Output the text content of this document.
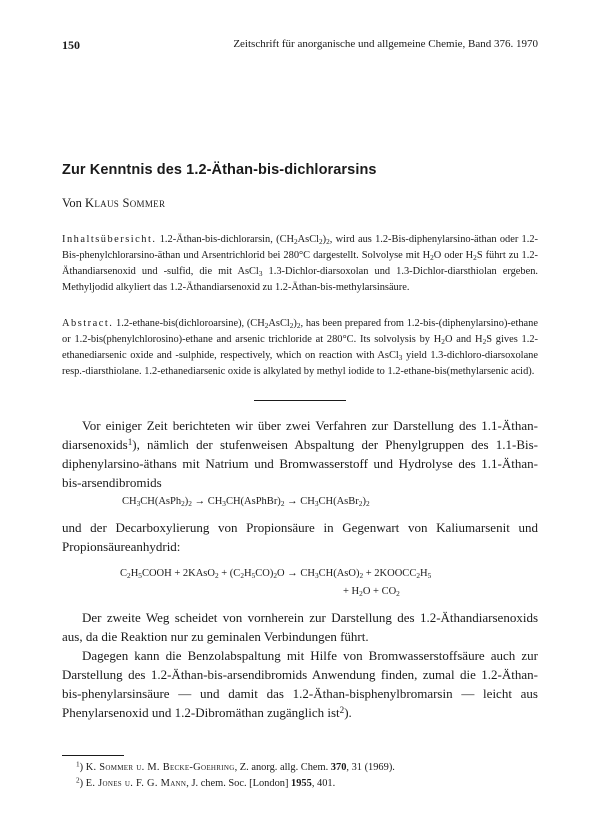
150	Zeitschrift für anorganische und allgemeine Chemie, Band 376. 1970
Zur Kenntnis des 1.2-Äthan-bis-dichlorarsins
Von Klaus Sommer
Inhaltsübersicht. 1.2-Äthan-bis-dichlorarsin, $(CH_2AsCl_2)_2$, wird aus 1.2-Bis-diphenylarsino-äthan oder 1.2-Bis-phenylchlorarsino-äthan und Arsentrichlorid bei 280°C dargestellt. Solvolyse mit $H_2O$ oder $H_2S$ führt zu 1.2-Äthandiarsenoxid und -sulfid, die mit AsCl$_3$ 1.3-Dichlor-diarsoxolan und 1.3-Dichlor-diarsthiolan ergeben. Methyljodid alkyliert das 1.2-Äthandiarsenoxid zu 1.2-Äthan-bis-methylarsinsäure.
Abstract. 1.2-ethane-bis(dichloroarsine), $(CH_2AsCl_2)_2$, has been prepared from 1.2-bis-(diphenylarsino)-ethane or 1.2-bis(phenylchlorosino)-ethane and arsenic trichloride at 280°C. Its solvolysis by $H_2O$ and $H_2S$ gives 1.2-ethanediarsenic oxide and -sulphide, respectively, which on reaction with AsCl$_3$ yield 1.3-dichloro-diarsoxolane resp.-diarsthiolane. 1.2-ethanediarsenic oxide is alkylated by methyl iodide to 1.2-ethane-bis(methylarsenic acid).

Vor einiger Zeit berichteten wir über zwei Verfahren zur Darstellung des 1.1-Äthan-diarsenoxids$^1$), nämlich der stufenweisen Abspaltung der Phenylgruppen des 1.1-Bis-diphenylarsino-äthans mit Natrium und Bromwasserstoff und Hydrolyse des 1.1-Äthan-bis-arsendibromids

$CH_3CH(AsPh_2)_2$ → $CH_3CH(AsPhBr)_2$ → $CH_3CH(AsBr_2)_2$

und der Decarboxylierung von Propionsäure in Gegenwart von Kaliumarsenit und Propionsäureanhydrid:

$C_2H_5COOH$ + 2KAsO$_2$ + $(C_2H_5CO)_2O \to CH_3CH(AsO)_2$ + $2KOOCC_2H_5$
+ $H_2O + CO_2$

Der zweite Weg scheidet von vornherein zur Darstellung des 1.2-Äthandiarsenoxids aus, da die Reaktion nur zu geminalen Verbindungen führt.

Dagegen kann die Benzolabspaltung mit Hilfe von Bromwasserstoffsäure auch zur Darstellung des 1.2-Äthan-bis-arsendibromids Anwendung finden, zumal die 1.2-Äthan-bis-phenylarsinsäure — und damit das 1.2-Äthan-bisphenylbromarsin — leicht aus Phenylarsenoxid und 1.2-Dibromäthan zugänglich ist$^2$).

$^1$) K. Sommer u. M. Becke-Goehring, Z. anorg. allg. Chem. 370, 31 (1969).
$^2$) E. Jones u. F. G. Mann, J. chem. Soc. [London] 1955, 401.
